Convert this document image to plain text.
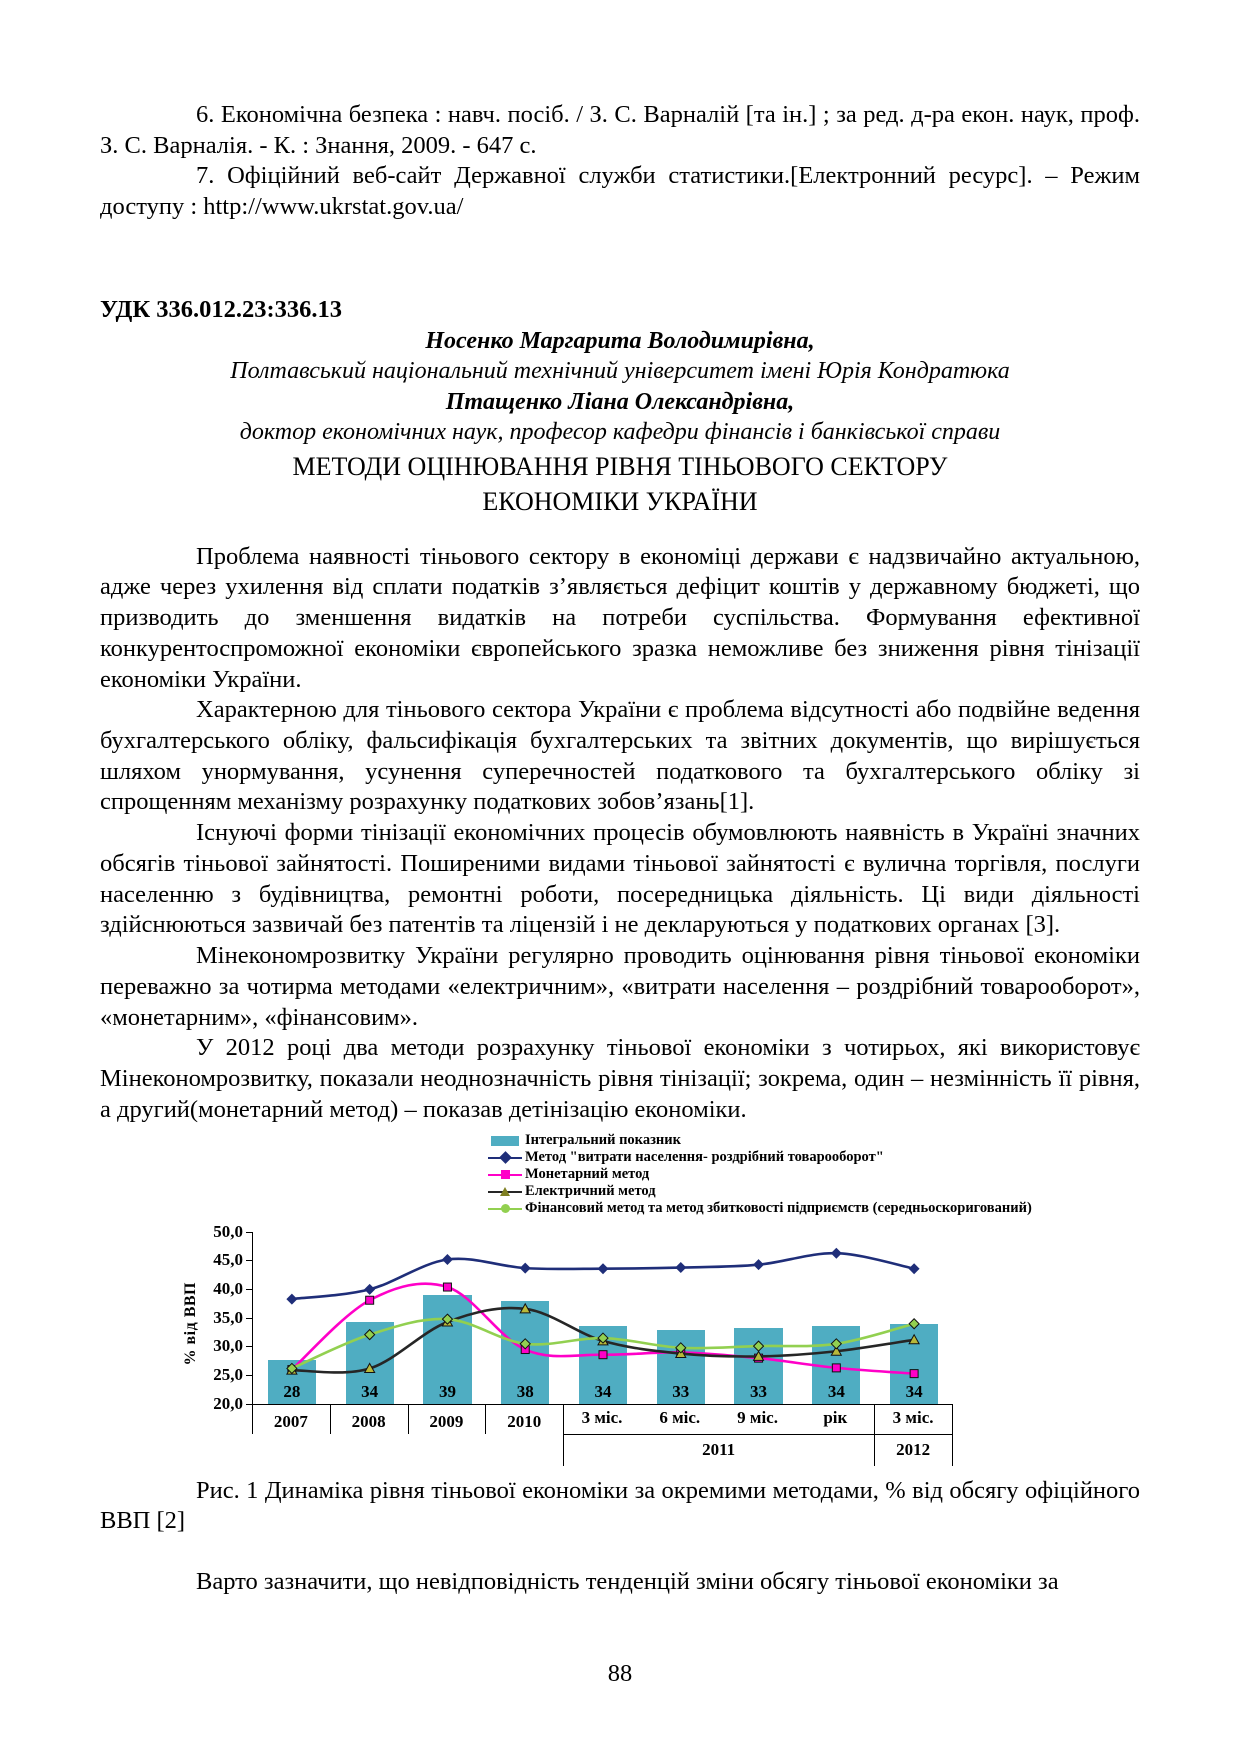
6. Економічна безпека : навч. посіб. / З. С. Варналій [та ін.] ; за ред. д-ра екон. наук, проф. З. С. Варналія. - К. : Знання, 2009. - 647 с.

7. Офіційний веб-сайт Державної служби статистики.[Електронний ресурс]. – Режим доступу : http://www.ukrstat.gov.ua/

УДК 336.012.23:336.13

Носенко Маргарита Володимирівна,

Полтавський національний технічний університет імені Юрія Кондратюка

Птащенко Ліана Олександрівна,

доктор економічних наук, професор кафедри фінансів і банківської справи

МЕТОДИ ОЦІНЮВАННЯ РІВНЯ ТІНЬОВОГО СЕКТОРУ

ЕКОНОМІКИ УКРАЇНИ

Проблема наявності тіньового сектору в економіці держави є надзвичайно актуальною, адже через ухилення від сплати податків з’являється дефіцит коштів у державному бюджеті, що призводить до зменшення видатків на потреби суспільства. Формування ефективної конкурентоспроможної економіки європейського зразка неможливе без зниження рівня тінізації економіки України.

Характерною для тіньового сектора України є проблема відсутності або подвійне ведення бухгалтерського обліку, фальсифікація бухгалтерських та звітних документів, що вирішується шляхом унормування, усунення суперечностей податкового та бухгалтерського обліку зі спрощенням механізму розрахунку податкових зобов’язань[1].

Існуючі форми тінізації економічних процесів обумовлюють наявність в Україні значних обсягів тіньової зайнятості. Поширеними видами тіньової зайнятості є вулична торгівля, послуги населенню з будівництва, ремонтні роботи, посередницька діяльність. Ці види діяльності здійснюються зазвичай без патентів та ліцензій і не декларуються у податкових органах [3].

Мінекономрозвитку України регулярно проводить оцінювання рівня тіньової економіки переважно за чотирма методами «електричним», «витрати населення – роздрібний товарооборот», «монетарним», «фінансовим».

У 2012 році два методи розрахунку тіньової економіки з чотирьох, які використовує Мінекономрозвитку, показали неоднозначність рівня тінізації; зокрема, один – незмінність її рівня, а другий(монетарний метод) – показав детінізацію економіки.

Інтегральний показник
Метод "витрати населення- роздрібний товарооборот"
Монетарний метод
Електричний метод
Фінансовий метод та метод збитковості підприємств (середньоскоригований)
% від ВВП
20,0
25,0
30,0
35,0
40,0
45,0
50,0
28	34	39	38	34	33	33	34	34
2007	2008	2009	2010	3 міс.	6 міс.	9 міс.	рік
2011
3 міс.
2012

Рис. 1 Динаміка рівня тіньової економіки за окремими методами, % від обсягу офіційного ВВП [2]

Варто зазначити, що невідповідність тенденцій зміни обсягу тіньової економіки за

88
